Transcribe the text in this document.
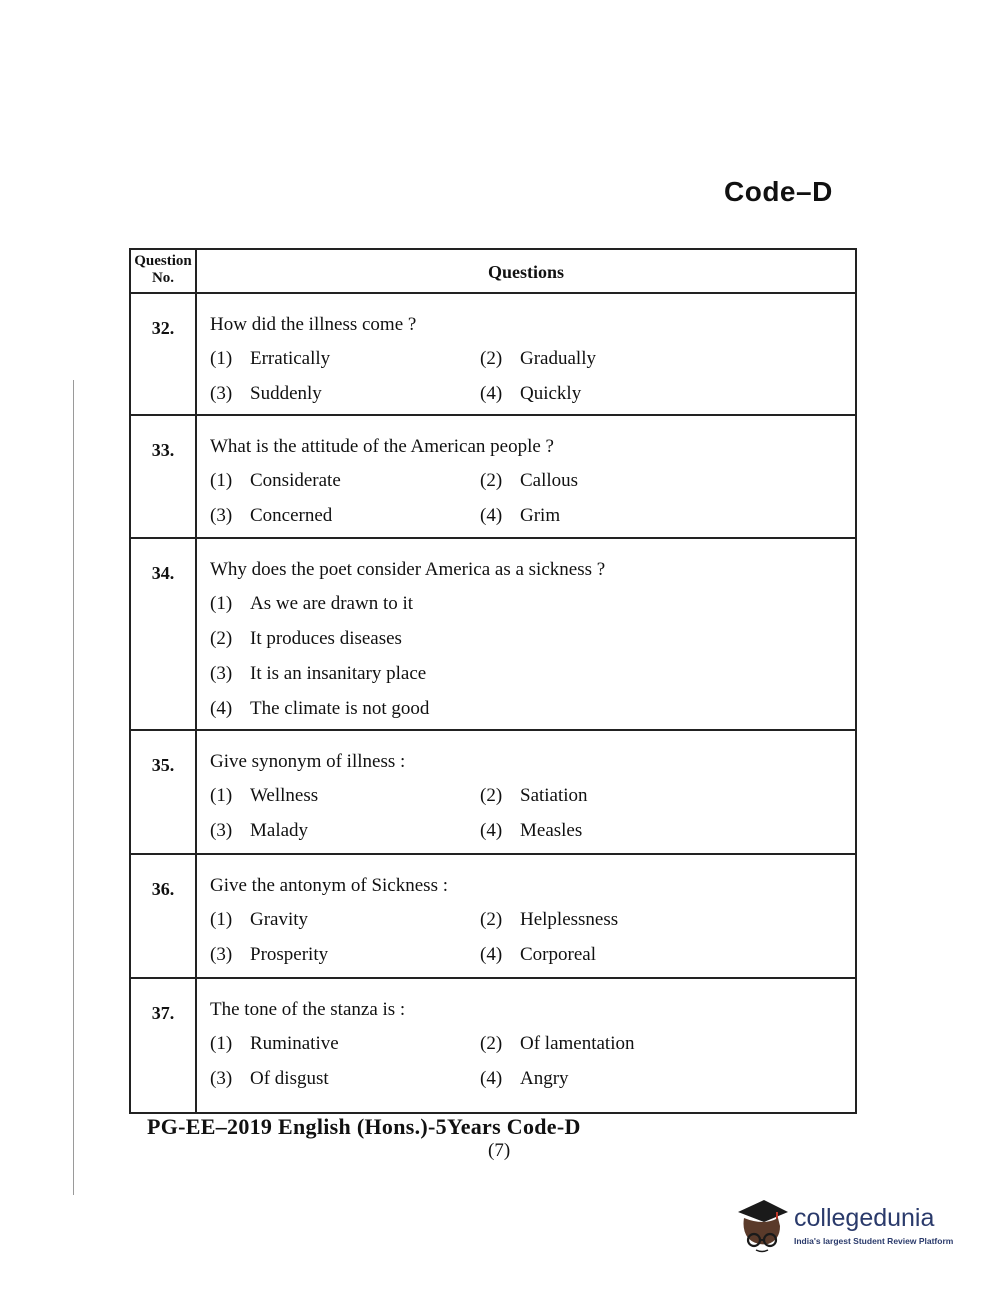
Code–D
Question
No.	Questions
32.	How did the illness come ?
(1) Erratically	(2) Gradually
(3) Suddenly	(4) Quickly
33.	What is the attitude of the American people ?
(1) Considerate	(2) Callous
(3) Concerned	(4) Grim
34.	Why does the poet consider America as a sickness ?
(1) As we are drawn to it
(2) It produces diseases
(3) It is an insanitary place
(4) The climate is not good
35.	Give synonym of illness :
(1) Wellness	(2) Satiation
(3) Malady	(4) Measles
36.	Give the antonym of Sickness :
(1) Gravity	(2) Helplessness
(3) Prosperity	(4) Corporeal
37.	The tone of the stanza is :
(1) Ruminative	(2) Of lamentation
(3) Of disgust	(4) Angry
PG-EE–2019 English (Hons.)-5Years Code-D
(7)
collegedunia
India's largest Student Review Platform
